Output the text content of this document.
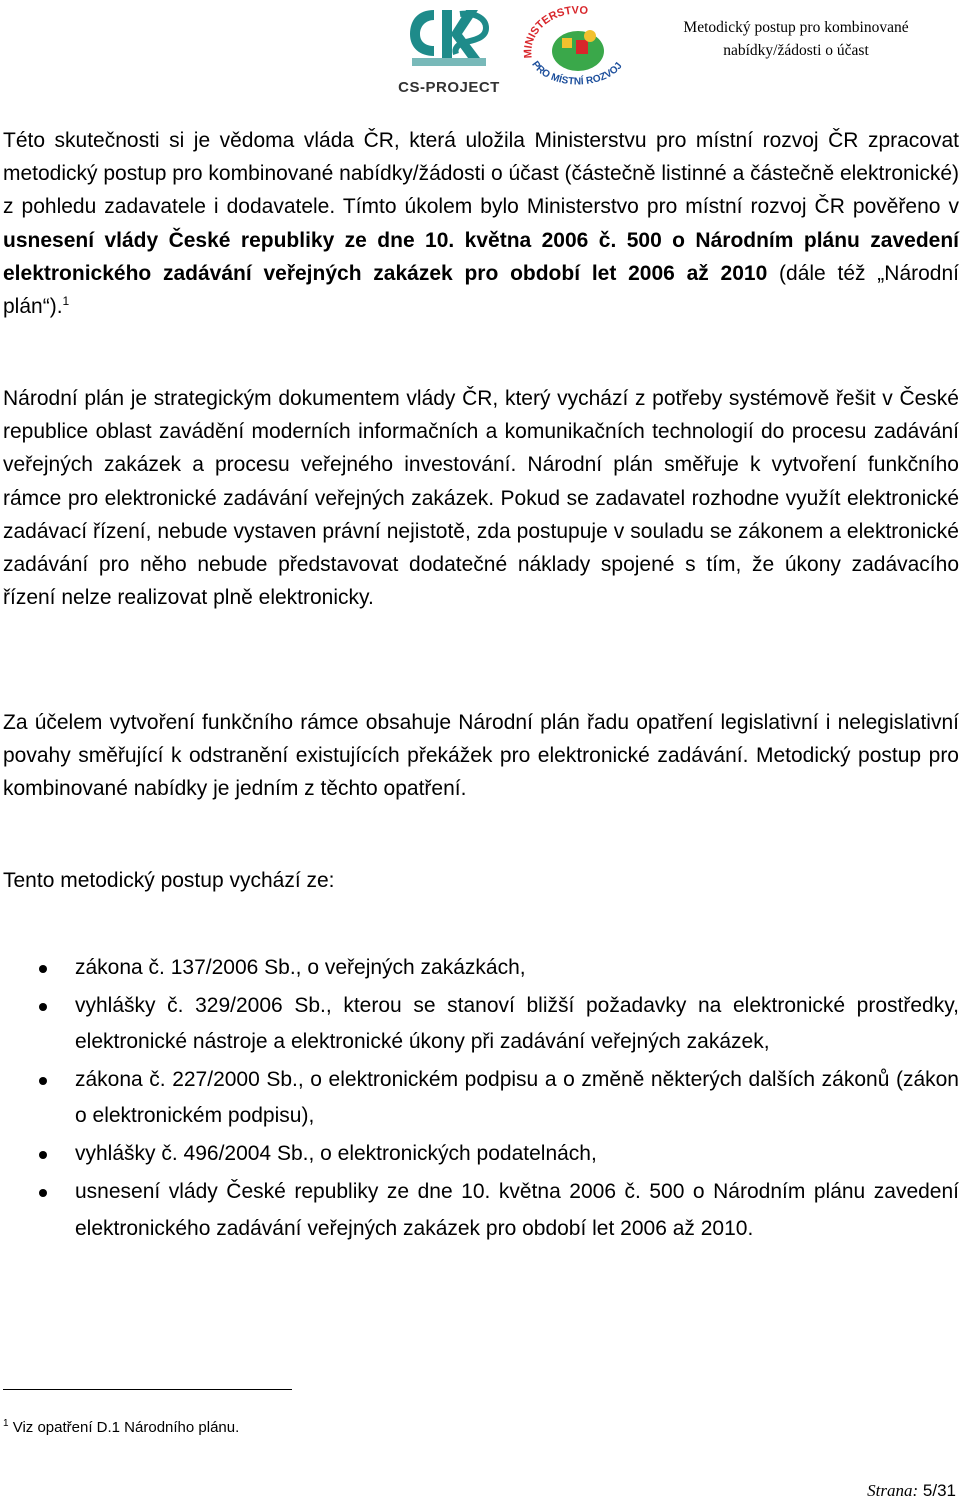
CS-PROJECT
MINISTERSTVO
PRO MÍSTNÍ ROZVOJ
Metodický postup pro kombinované
nabídky/žádosti o účast

Této skutečnosti si je vědoma vláda ČR, která uložila Ministerstvu pro místní rozvoj ČR zpracovat metodický postup pro kombinované nabídky/žádosti o účast (částečně listinné a částečně elektronické) z pohledu zadavatele i dodavatele. Tímto úkolem bylo Ministerstvo pro místní rozvoj ČR pověřeno v usnesení vlády České republiky ze dne 10. května 2006 č. 500 o Národním plánu zavedení elektronického zadávání veřejných zakázek pro období let 2006 až 2010 (dále též „Národní plán“).$^1$

Národní plán je strategickým dokumentem vlády ČR, který vychází z potřeby systémově řešit v České republice oblast zavádění moderních informačních a komunikačních technologií do procesu zadávání veřejných zakázek a procesu veřejného investování. Národní plán směřuje k vytvoření funkčního rámce pro elektronické zadávání veřejných zakázek. Pokud se zadavatel rozhodne využít elektronické zadávací řízení, nebude vystaven právní nejistotě, zda postupuje v souladu se zákonem a elektronické zadávání pro něho nebude představovat dodatečné náklady spojené s tím, že úkony zadávacího řízení nelze realizovat plně elektronicky.

Za účelem vytvoření funkčního rámce obsahuje Národní plán řadu opatření legislativní i nelegislativní povahy směřující k odstranění existujících překážek pro elektronické zadávání. Metodický postup pro kombinované nabídky je jedním z těchto opatření.

Tento metodický postup vychází ze:

zákona č. 137/2006 Sb., o veřejných zakázkách,
vyhlášky č. 329/2006 Sb., kterou se stanoví bližší požadavky na elektronické prostředky, elektronické nástroje a elektronické úkony při zadávání veřejných zakázek,
zákona č. 227/2000 Sb., o elektronickém podpisu a o změně některých dalších zákonů (zákon o elektronickém podpisu),
vyhlášky č. 496/2004 Sb., o elektronických podatelnách,
usnesení vlády České republiky ze dne 10. května 2006 č. 500 o Národním plánu zavedení elektronického zadávání veřejných zakázek pro období let 2006 až 2010.
$^1$ Viz opatření D.1 Národního plánu.
Strana: 5/31
